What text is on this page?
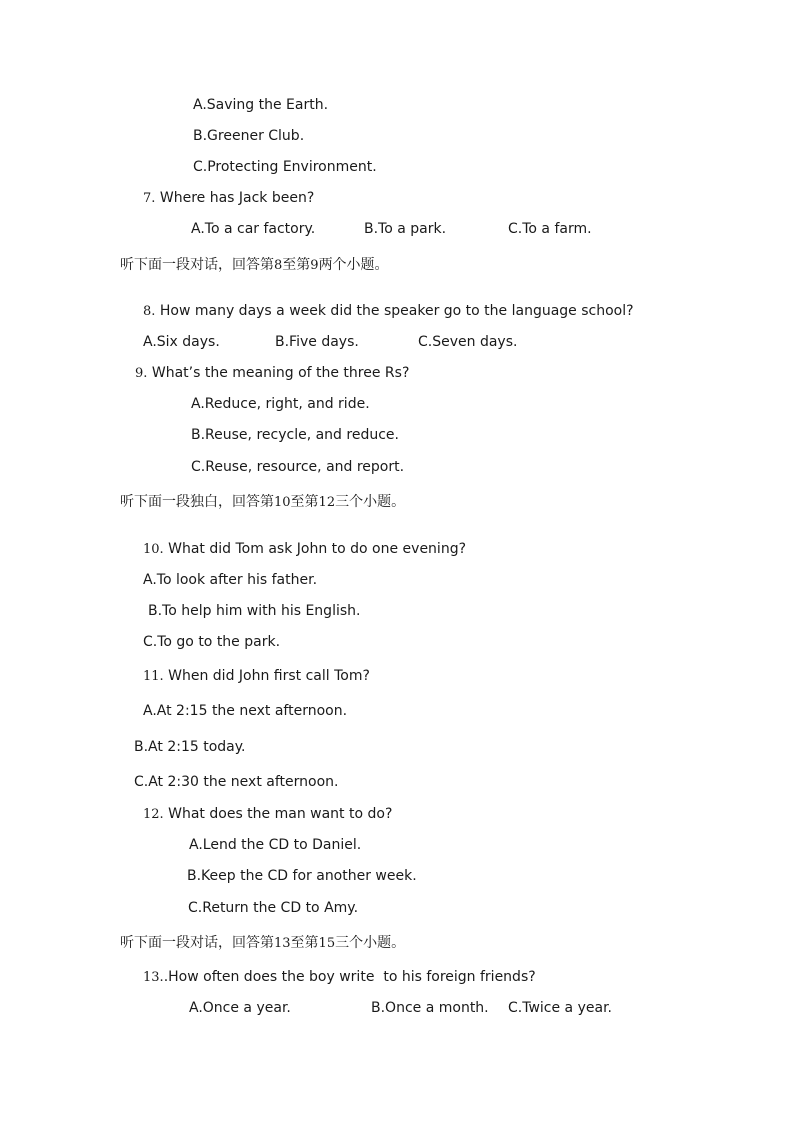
A.Saving the Earth.
B.Greener Club.
C.Protecting Environment.
7. Where has Jack been?
A.To a car factory.	B.To a park.	C.To a farm.
听下面一段对话，回答第8至第9两个小题。
8. How many days a week did the speaker go to the language school?
A.Six days.	B.Five days.	C.Seven days.
9. What’s the meaning of the three Rs?
A.Reduce, right, and ride.
B.Reuse, recycle, and reduce.
C.Reuse, resource, and report.
听下面一段独白，回答第10至第12三个小题。
10. What did Tom ask John to do one evening?
A.To look after his father.
B.To help him with his English.
C.To go to the park.
11. When did John first call Tom?
A.At 2:15 the next afternoon.
B.At 2:15 today.
C.At 2:30 the next afternoon.
12. What does the man want to do?
A.Lend the CD to Daniel.
B.Keep the CD for another week.
C.Return the CD to Amy.
听下面一段对话，回答第13至第15三个小题。
13..How often does the boy write  to his foreign friends?
A.Once a year.	B.Once a month. C.Twice a year.
